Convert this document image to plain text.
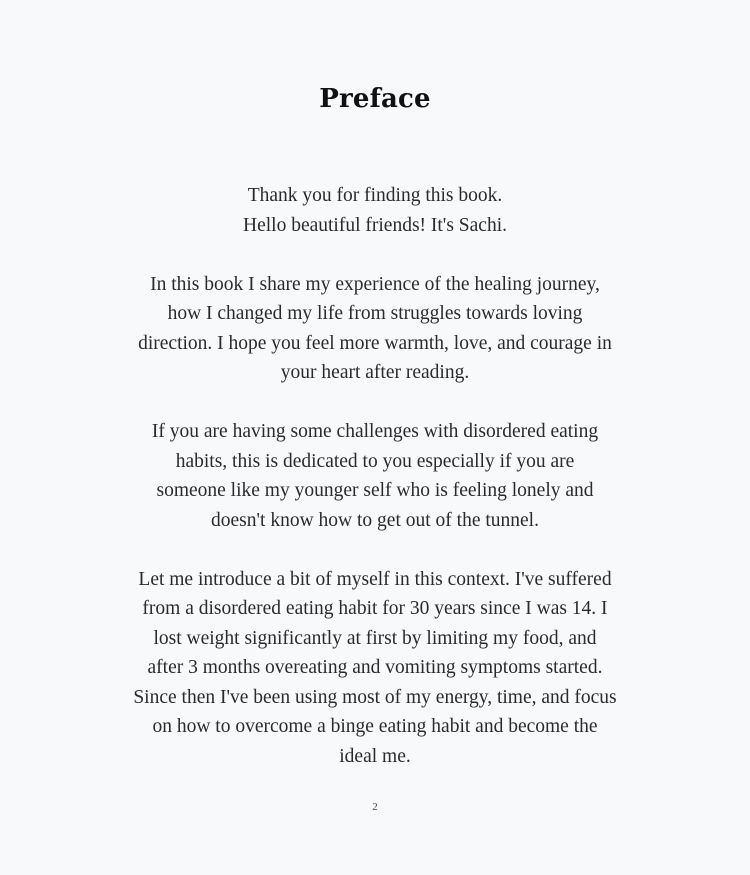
Preface

Thank you for finding this book.
Hello beautiful friends! It's Sachi.

In this book I share my experience of the healing journey,
how I changed my life from struggles towards loving
direction. I hope you feel more warmth, love, and courage in
your heart after reading.

If you are having some challenges with disordered eating
habits, this is dedicated to you especially if you are
someone like my younger self who is feeling lonely and
doesn't know how to get out of the tunnel.

Let me introduce a bit of myself in this context. I've suffered
from a disordered eating habit for 30 years since I was 14. I
lost weight significantly at first by limiting my food, and
after 3 months overeating and vomiting symptoms started.
Since then I've been using most of my energy, time, and focus
on how to overcome a binge eating habit and become the
ideal me.

2
